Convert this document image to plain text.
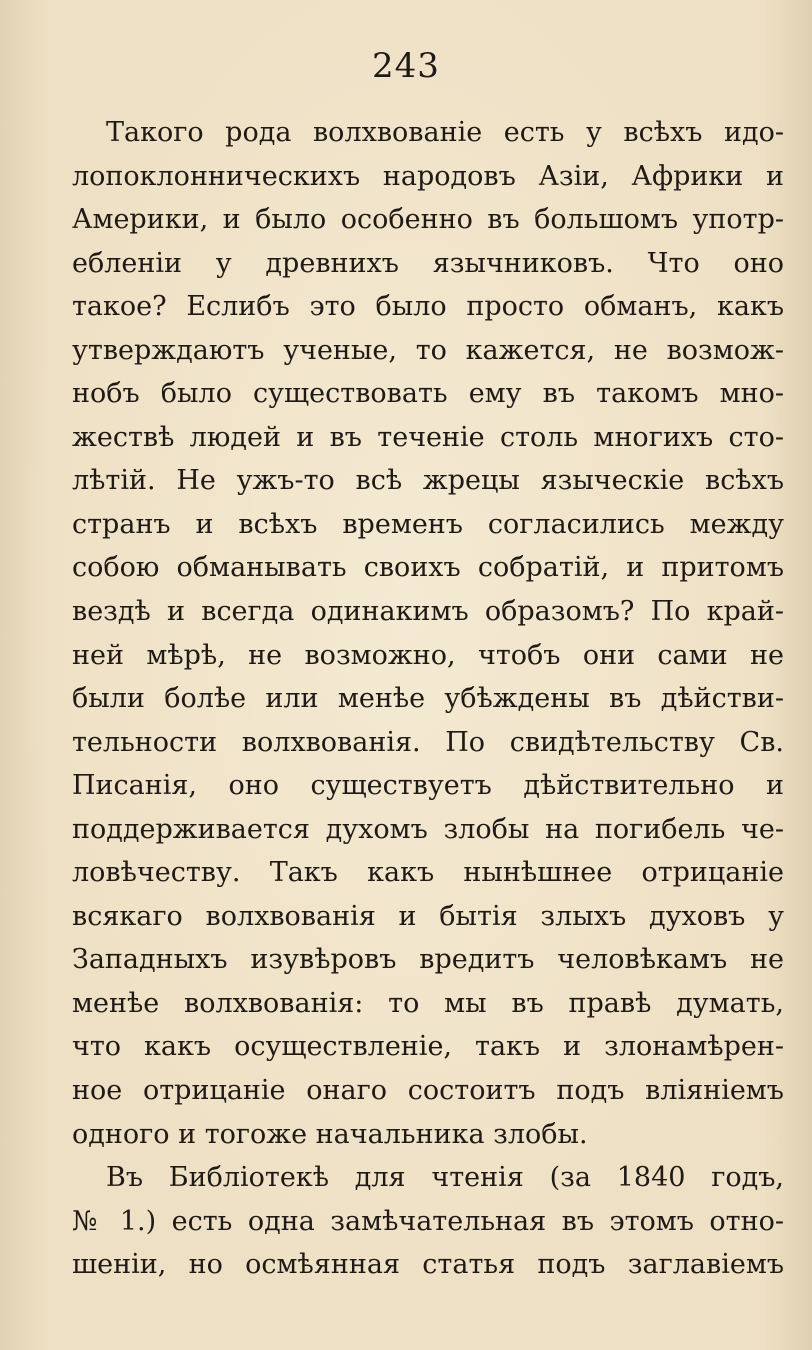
243
Такого рода волхвованіе есть у всѣхъ идо-
лопоклонническихъ народовъ Азіи, Африки и
Америки, и было особенно въ большомъ употр-
ебленіи у древнихъ язычниковъ. Что оно
такое? Еслибъ это было просто обманъ, какъ
утверждаютъ ученые, то кажется, не возмож-
нобъ было существовать ему въ такомъ мно-
жествѣ людей и въ теченіе столь многихъ сто-
лѣтій. Не ужъ-то всѣ жрецы языческіе всѣхъ
странъ и всѣхъ временъ согласились между
собою обманывать своихъ собратій, и притомъ
вездѣ и всегда одинакимъ образомъ? По край-
ней мѣрѣ, не возможно, чтобъ они сами не
были болѣе или менѣе убѣждены въ дѣйстви-
тельности волхвованія. По свидѣтельству Св.
Писанія, оно существуетъ дѣйствительно и
поддерживается духомъ злобы на погибель че-
ловѣчеству. Такъ какъ нынѣшнее отрицаніе
всякаго волхвованія и бытія злыхъ духовъ у
Западныхъ изувѣровъ вредитъ человѣкамъ не
менѣе волхвованія: то мы въ правѣ думать,
что какъ осуществленіе, такъ и злонамѣрен-
ное отрицаніе онаго состоитъ подъ вліяніемъ
одного и тогоже начальника злобы.
Въ Библіотекѣ для чтенія (за 1840 годъ,
№ 1.) есть одна замѣчательная въ этомъ отно-
шеніи, но осмѣянная статья подъ заглавіемъ
